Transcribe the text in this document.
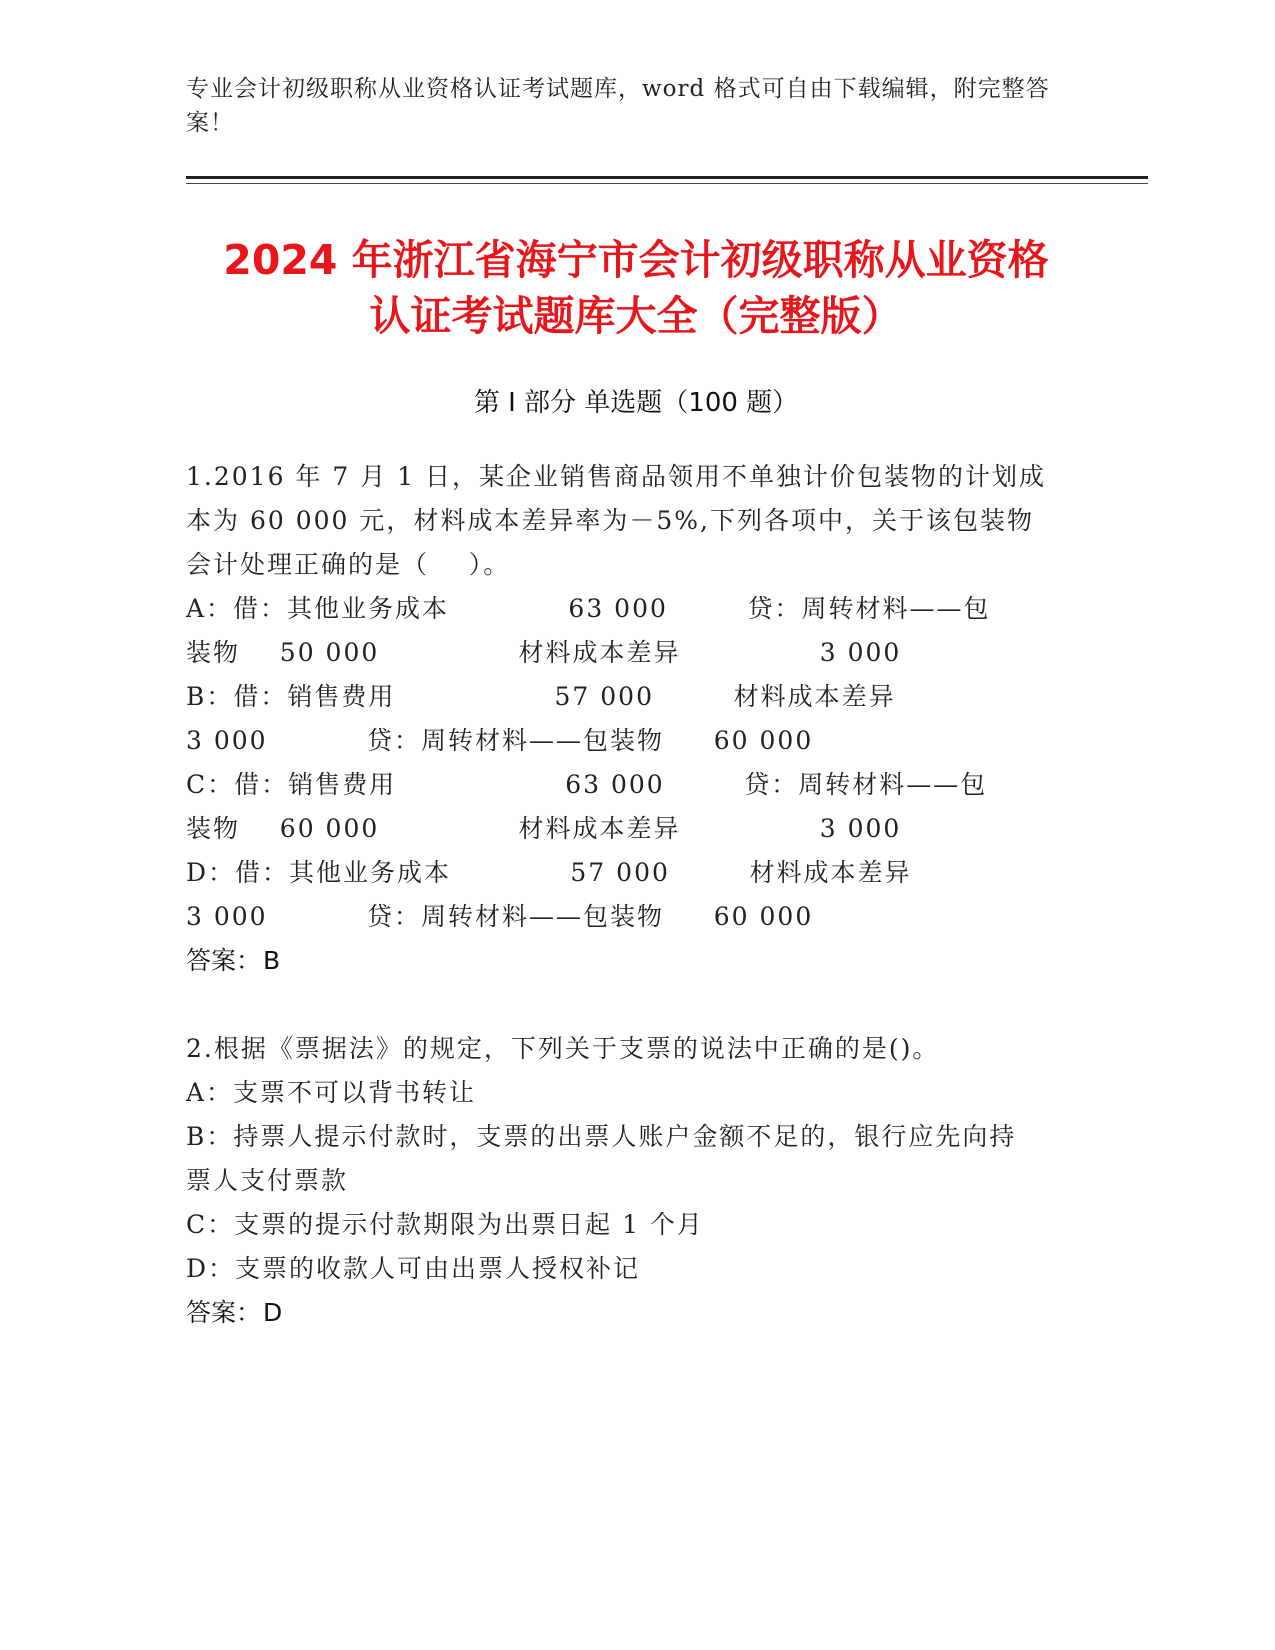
专业会计初级职称从业资格认证考试题库，word 格式可自由下载编辑，附完整答
案！
2024 年浙江省海宁市会计初级职称从业资格
认证考试题库大全（完整版）
第 I 部分 单选题（100 题）
1.2016 年 7 月 1 日，某企业销售商品领用不单独计价包装物的计划成
本为 60 000 元，材料成本差异率为－5%,下列各项中，关于该包装物
会计处理正确的是（    ）。
A：借：其他业务成本            63 000        贷：周转材料——包
装物    50 000              材料成本差异              3 000
B：借：销售费用                57 000        材料成本差异
3 000          贷：周转材料——包装物     60 000
C：借：销售费用                 63 000        贷：周转材料——包
装物    60 000              材料成本差异              3 000
D：借：其他业务成本            57 000        材料成本差异
3 000          贷：周转材料——包装物     60 000
答案：B
2.根据《票据法》的规定，下列关于支票的说法中正确的是()。
A：支票不可以背书转让
B：持票人提示付款时，支票的出票人账户金额不足的，银行应先向持
票人支付票款
C：支票的提示付款期限为出票日起 1 个月
D：支票的收款人可由出票人授权补记
答案：D
